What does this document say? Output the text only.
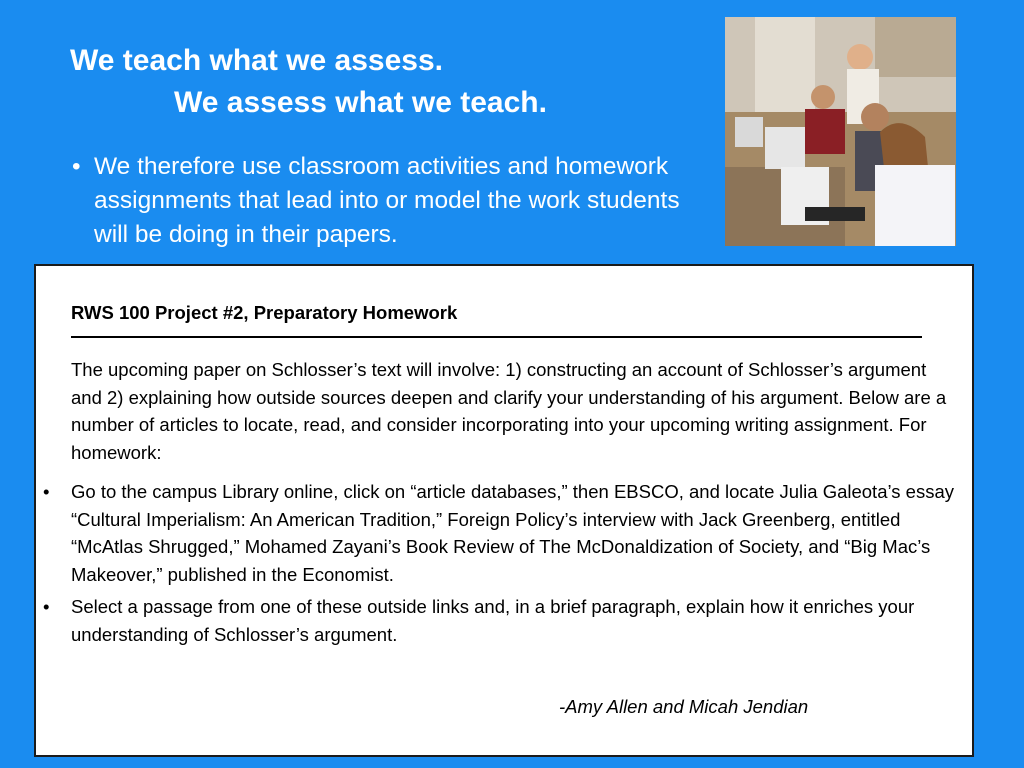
We teach what we assess.
We assess what we teach.
• We therefore use classroom activities and homework assignments that lead into or model the work students will be doing in their papers.
RWS 100 Project #2, Preparatory Homework

The upcoming paper on Schlosser’s text will involve: 1) constructing an account of Schlosser’s argument and 2) explaining how outside sources deepen and clarify your understanding of his argument. Below are a number of articles to locate, read, and consider incorporating into your upcoming writing assignment. For homework:

•	Go to the campus Library online, click on “article databases,” then EBSCO, and locate Julia Galeota’s essay “Cultural Imperialism: An American Tradition,” Foreign Policy’s interview with Jack Greenberg, entitled “McAtlas Shrugged,” Mohamed Zayani’s Book Review of The McDonaldization of Society, and “Big Mac’s Makeover,” published in the Economist.
•	Select a passage from one of these outside links and, in a brief paragraph, explain how it enriches your understanding of Schlosser’s argument.
-Amy Allen and Micah Jendian
